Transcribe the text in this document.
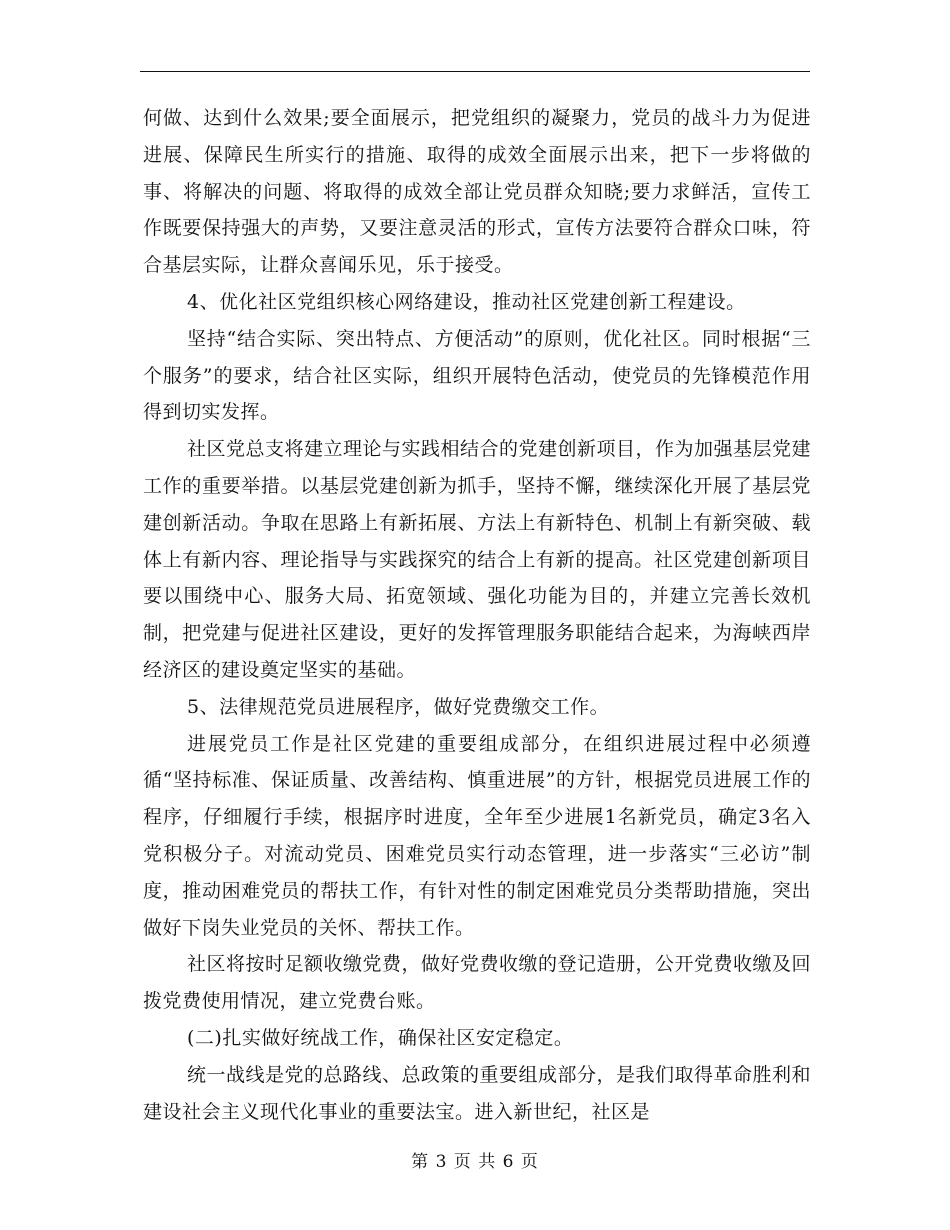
何做、达到什么效果;要全面展示，把党组织的凝聚力，党员的战斗力为促进进展、保障民生所实行的措施、取得的成效全面展示出来，把下一步将做的事、将解决的问题、将取得的成效全部让党员群众知晓;要力求鲜活，宣传工作既要保持强大的声势，又要注意灵活的形式，宣传方法要符合群众口味，符合基层实际，让群众喜闻乐见，乐于接受。

4、优化社区党组织核心网络建设，推动社区党建创新工程建设。

坚持“结合实际、突出特点、方便活动”的原则，优化社区。同时根据“三个服务”的要求，结合社区实际，组织开展特色活动，使党员的先锋模范作用得到切实发挥。

社区党总支将建立理论与实践相结合的党建创新项目，作为加强基层党建工作的重要举措。以基层党建创新为抓手，坚持不懈，继续深化开展了基层党建创新活动。争取在思路上有新拓展、方法上有新特色、机制上有新突破、载体上有新内容、理论指导与实践探究的结合上有新的提高。社区党建创新项目要以围绕中心、服务大局、拓宽领域、强化功能为目的，并建立完善长效机制，把党建与促进社区建设，更好的发挥管理服务职能结合起来，为海峡西岸经济区的建设奠定坚实的基础。

5、法律规范党员进展程序，做好党费缴交工作。

进展党员工作是社区党建的重要组成部分，在组织进展过程中必须遵循“坚持标准、保证质量、改善结构、慎重进展”的方针，根据党员进展工作的程序，仔细履行手续，根据序时进度，全年至少进展1名新党员，确定3名入党积极分子。对流动党员、困难党员实行动态管理，进一步落实“三必访”制度，推动困难党员的帮扶工作，有针对性的制定困难党员分类帮助措施，突出做好下岗失业党员的关怀、帮扶工作。

社区将按时足额收缴党费，做好党费收缴的登记造册，公开党费收缴及回拨党费使用情况，建立党费台账。

(二)扎实做好统战工作，确保社区安定稳定。

统一战线是党的总路线、总政策的重要组成部分，是我们取得革命胜利和建设社会主义现代化事业的重要法宝。进入新世纪，社区是

第 3 页 共 6 页
